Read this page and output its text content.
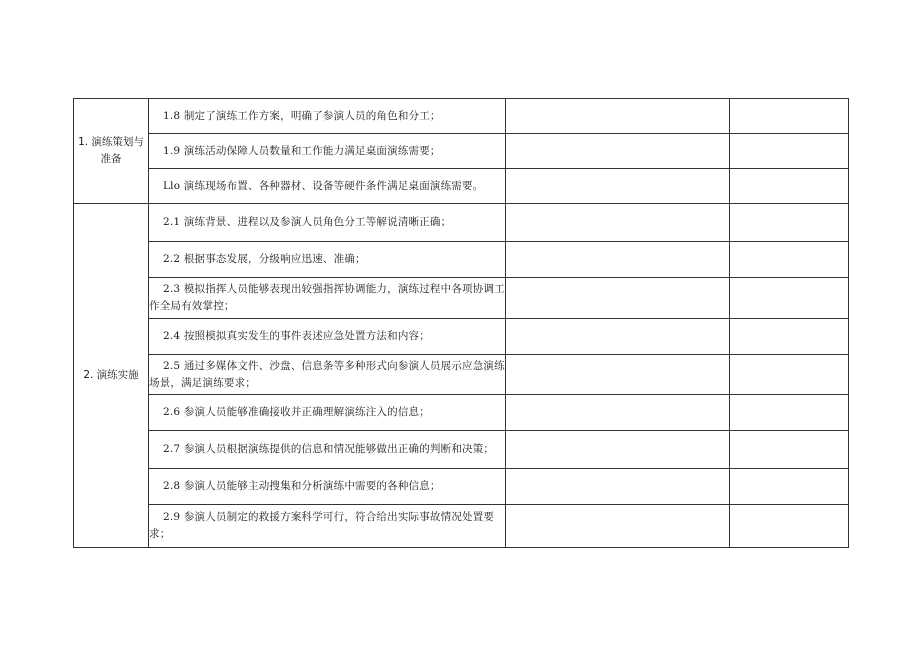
1. 演练策划与准备	1.8 制定了演练工作方案，明确了参演人员的角色和分工；		

	1.9 演练活动保障人员数量和工作能力满足桌面演练需要；		

	Llo 演练现场布置、各种器材、设备等硬件条件满足桌面演练需要。		

2. 演练实施	2.1 演练背景、进程以及参演人员角色分工等解说清晰正确；		

	2.2 根据事态发展，分级响应迅速、准确；		

	2.3 模拟指挥人员能够表现出较强指挥协调能力，演练过程中各项协调工作全局有效掌控；		

	2.4 按照模拟真实发生的事件表述应急处置方法和内容；		

	2.5 通过多媒体文件、沙盘、信息条等多种形式向参演人员展示应急演练场景，满足演练要求；		

	2.6 参演人员能够准确接收并正确理解演练注入的信息；		

	2.7 参演人员根据演练提供的信息和情况能够做出正确的判断和决策；		

	2.8 参演人员能够主动搜集和分析演练中需要的各种信息；		

	2.9 参演人员制定的救援方案科学可行，符合给出实际事故情况处置要求；		
